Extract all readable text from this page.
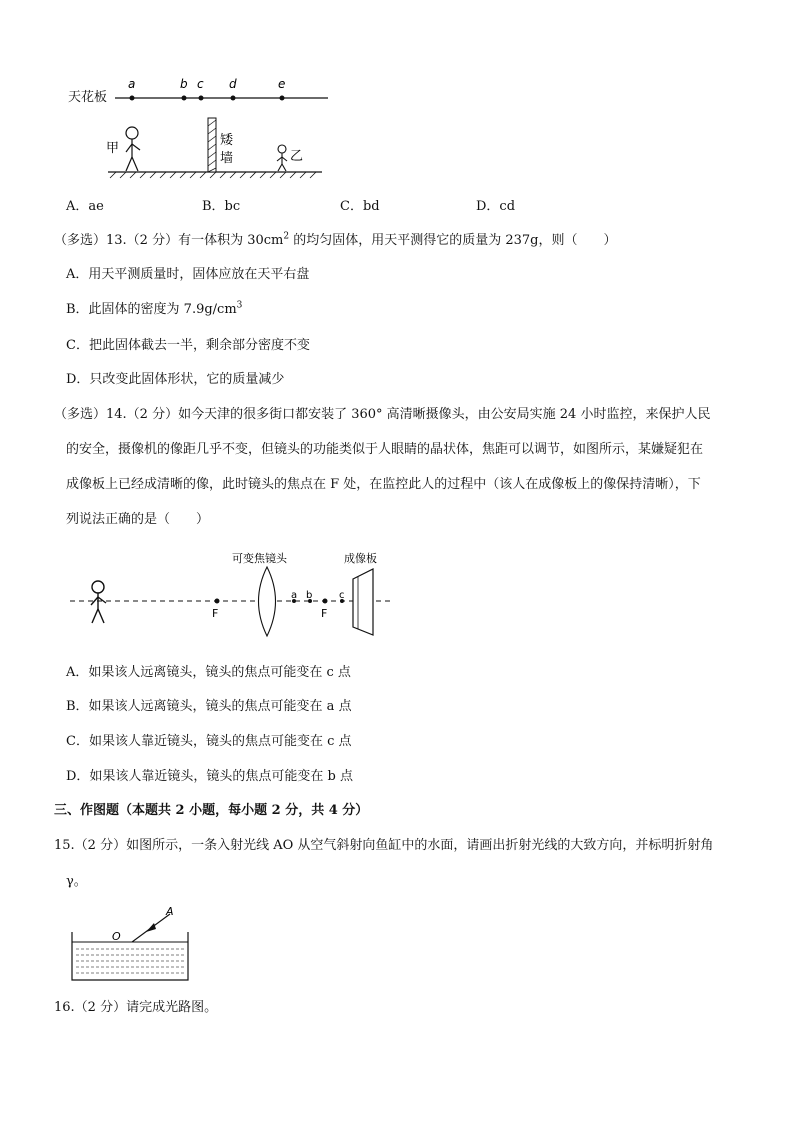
天花板
a	b c d	e
甲
矮
墙	乙
A．ae	B．bc	C．bd	D．cd
（多选）13.（2 分）有一体积为 $30cm^2$ 的均匀固体，用天平测得它的质量为 237g，则（　　）
A．用天平测质量时，固体应放在天平右盘
B．此固体的密度为 $7.9g/cm^3$
C．把此固体截去一半，剩余部分密度不变
D．只改变此固体形状，它的质量减少
（多选）14.（2 分）如今天津的很多街口都安装了 360° 高清晰摄像头，由公安局实施 24 小时监控，来保护人民
的安全，摄像机的像距几乎不变，但镜头的功能类似于人眼睛的晶状体，焦距可以调节，如图所示，某嫌疑犯在
成像板上已经成清晰的像，此时镜头的焦点在 F 处，在监控此人的过程中（该人在成像板上的像保持清晰），下
列说法正确的是（　　）
F
可变焦镜头
a b
F
c
成像板
A．如果该人远离镜头，镜头的焦点可能变在 c 点
B．如果该人远离镜头，镜头的焦点可能变在 a 点
C．如果该人靠近镜头，镜头的焦点可能变在 c 点
D．如果该人靠近镜头，镜头的焦点可能变在 b 点
三、作图题（本题共 2 小题，每小题 2 分，共 4 分）
15.（2 分）如图所示，一条入射光线 AO 从空气斜射向鱼缸中的水面，请画出折射光线的大致方向，并标明折射角
γ。
A
O
16.（2 分）请完成光路图。
